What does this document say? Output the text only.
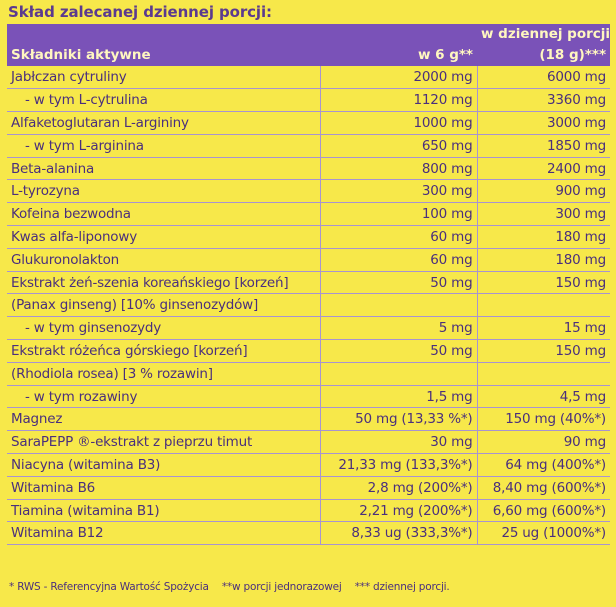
Skład zalecanej dziennej porcji:
		w dziennej porcji
Składniki aktywne	w 6 g**	(18 g)***
Jabłczan cytruliny	2000 mg	6000 mg
- w tym L-cytrulina	1120 mg	3360 mg
Alfaketoglutaran L-argininy	1000 mg	3000 mg
- w tym L-arginina	650 mg	1850 mg
Beta-alanina	800 mg	2400 mg
L-tyrozyna	300 mg	900 mg
Kofeina bezwodna	100 mg	300 mg
Kwas alfa-liponowy	60 mg	180 mg
Glukuronolakton	60 mg	180 mg
Ekstrakt żeń-szenia koreańskiego [korzeń]	50 mg	150 mg
(Panax ginseng) [10% ginsenozydów]		
- w tym ginsenozydy	5 mg	15 mg
Ekstrakt różeńca górskiego [korzeń]	50 mg	150 mg
(Rhodiola rosea) [3 % rozawin]		
- w tym rozawiny	1,5 mg	4,5 mg
Magnez	50 mg (13,33 %*)	150 mg (40%*)
SaraPEPP ®-ekstrakt z pieprzu timut	30 mg	90 mg
Niacyna (witamina B3)	21,33 mg (133,3%*)	64 mg (400%*)
Witamina B6	2,8 mg (200%*)	8,40 mg (600%*)
Tiamina (witamina B1)	2,21 mg (200%*)	6,60 mg (600%*)
Witamina B12	8,33 ug (333,3%*)	25 ug (1000%*)
* RWS - Referencyjna Wartość Spożycia **w porcji jednorazowej *** dziennej porcji.
